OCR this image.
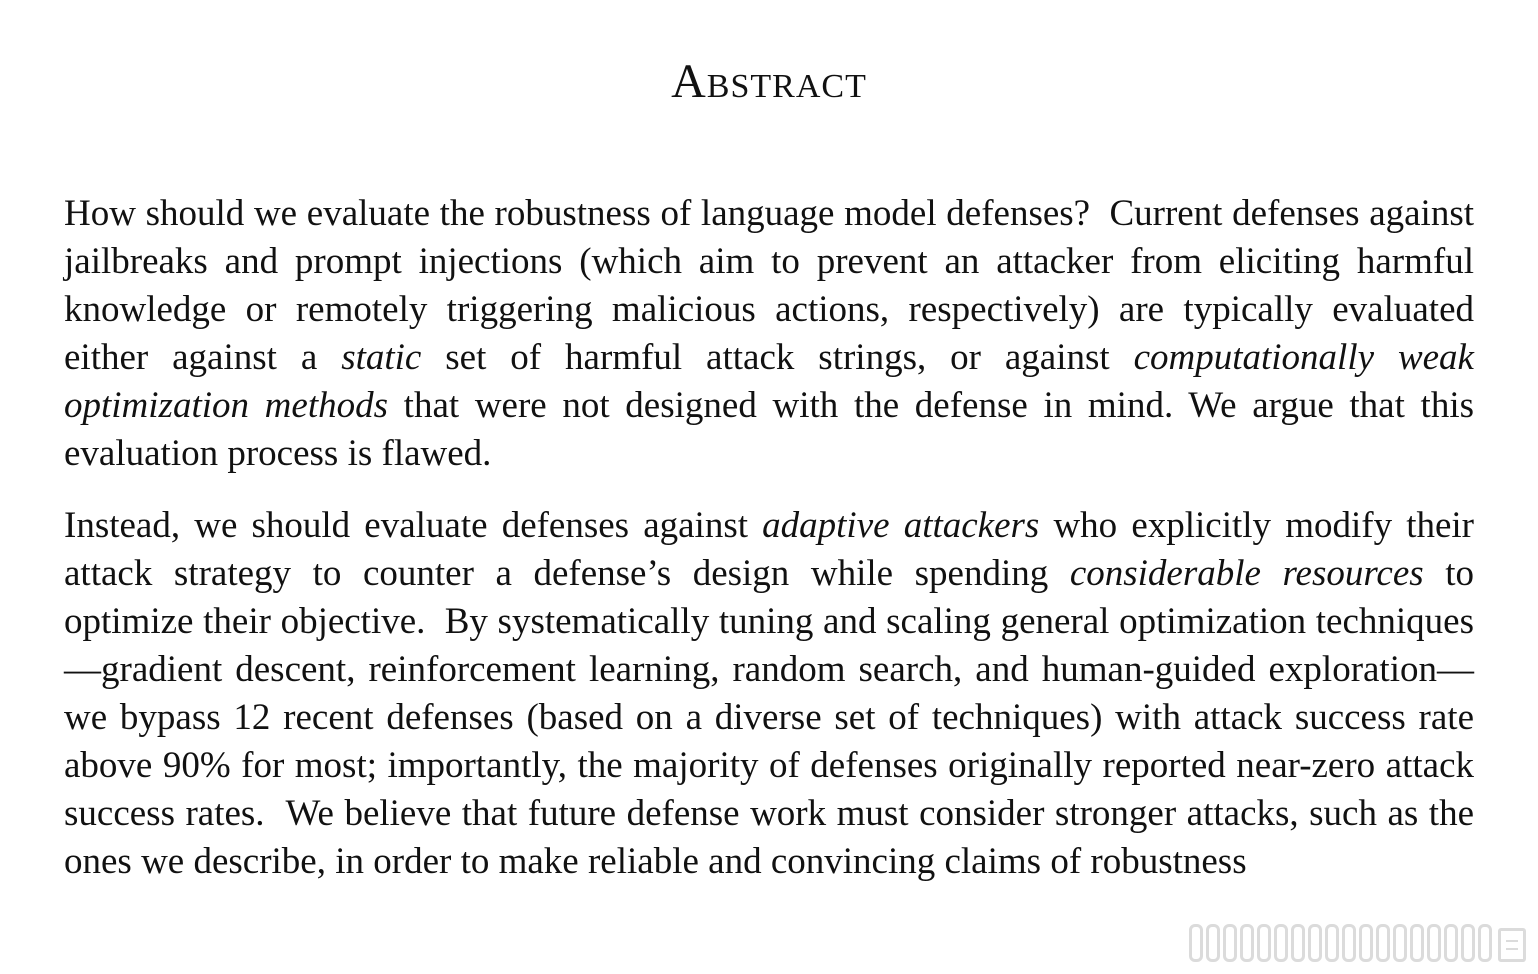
Abstract

How should we evaluate the robustness of language model defenses?  Current defenses against jailbreaks and prompt injections (which aim to prevent an attacker from eliciting harmful knowledge or remotely triggering malicious actions, respectively) are typically evaluated either against a static set of harmful attack strings, or against computationally weak optimization methods that were not designed with the defense in mind. We argue that this evaluation process is flawed.

Instead, we should evaluate defenses against adaptive attackers who explicitly modify their attack strategy to counter a defense’s design while spending considerable resources to optimize their objective.  By systematically tuning and scaling general optimization techniques—gradient descent, reinforcement learning, random search, and human-guided exploration—we bypass 12 recent defenses (based on a diverse set of techniques) with attack success rate above 90% for most; importantly, the majority of defenses originally reported near-zero attack success rates.  We believe that future defense work must consider stronger attacks, such as the ones we describe, in order to make reliable and convincing claims of robustness
